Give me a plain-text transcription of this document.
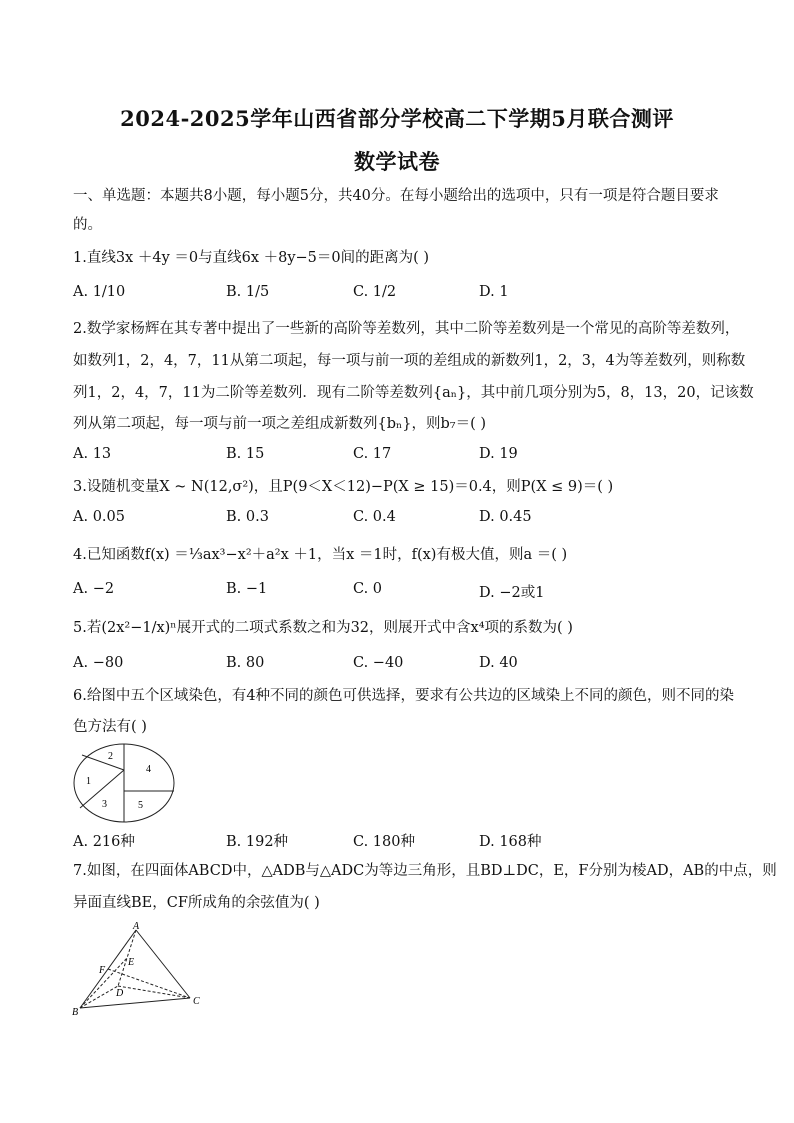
2024-2025学年山西省部分学校高二下学期5月联合测评
数学试卷
一、单选题：本题共8小题，每小题5分，共40分。在每小题给出的选项中，只有一项是符合题目要求
的。
1.直线3x ＋4y ＝0与直线6x ＋8y−5＝0间的距离为( )
A. 1/10	B. 1/5	C. 1/2	D. 1
2.数学家杨辉在其专著中提出了一些新的高阶等差数列，其中二阶等差数列是一个常见的高阶等差数列，
如数列1，2，4，7，11从第二项起，每一项与前一项的差组成的新数列1，2，3，4为等差数列，则称数
列1，2，4，7，11为二阶等差数列．现有二阶等差数列{aₙ}，其中前几项分别为5，8，13，20，记该数
列从第二项起，每一项与前一项之差组成新数列{bₙ}，则b₇＝( )
A. 13	B. 15	C. 17	D. 19
3.设随机变量X ~ N(12,σ²)，且P(9＜X＜12)−P(X ≥ 15)＝0.4，则P(X ≤ 9)＝( )
A. 0.05	B. 0.3	C. 0.4	D. 0.45
4.已知函数f(x) ＝⅓ax³−x²＋a²x ＋1，当x ＝1时，f(x)有极大值，则a ＝( )
A. −2	B. −1	C. 0	D. −2或1
5.若(2x²−1/x)ⁿ展开式的二项式系数之和为32，则展开式中含x⁴项的系数为( )
A. −80	B. 80	C. −40	D. 40
6.给图中五个区域染色，有4种不同的颜色可供选择，要求有公共边的区域染上不同的颜色，则不同的染
色方法有( )
2
1
3
4
5
A. 216种	B. 192种	C. 180种	D. 168种
7.如图，在四面体ABCD中，△ADB与△ADC为等边三角形，且BD⊥DC，E，F分别为棱AD，AB的中点，则
异面直线BE，CF所成角的余弦值为( )
A
B
C
D
E
F
